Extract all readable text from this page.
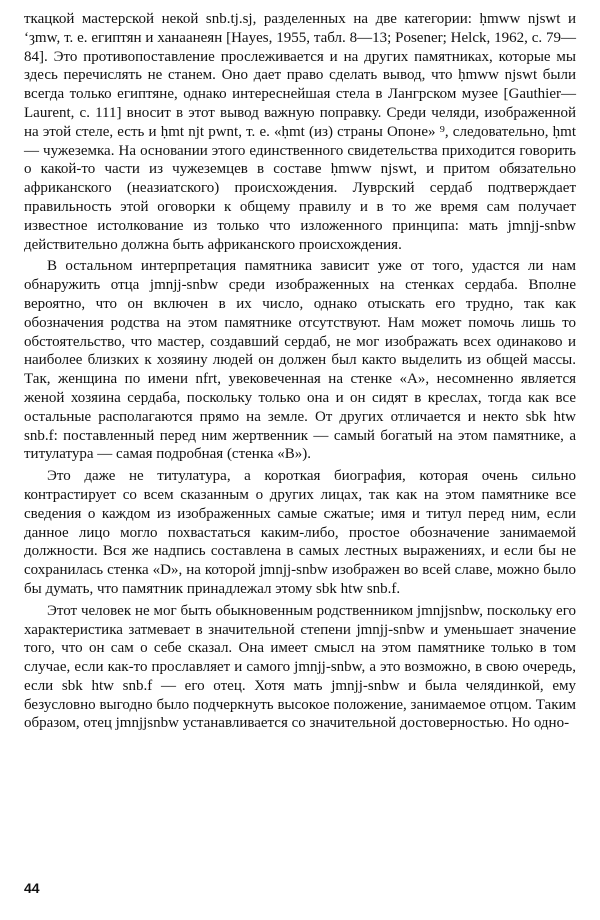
ткацкой мастерской некой snb.tj.sj, разделенных на две категории: ḥmww njswt и ‘ȝmw, т. е. египтян и ханаанеян [Hayes, 1955, табл. 8—13; Posener; Helck, 1962, с. 79—84]. Это противопоставление прослеживается и на других памятниках, которые мы здесь перечислять не станем. Оно дает право сделать вывод, что ḥmww njswt были всегда только египтяне, однако интереснейшая стела в Лангрском музее [Gauthier—Laurent, с. 111] вносит в этот вывод важную поправку. Среди челяди, изображенной на этой стеле, есть и ḥmt njt pwnt, т. е. «ḥmt (из) страны Опоне» ⁹, следовательно, ḥmt — чужеземка. На основании этого единственного свидетельства приходится говорить о какой-то части из чужеземцев в составе ḥmww njswt, и притом обязательно африканского (неазиатского) происхождения. Луврский сердаб подтверждает правильность этой оговорки к общему правилу и в то же время сам получает известное истолкование из только что изложенного принципа: мать jmnjj-snbw действительно должна быть африканского происхождения.

В остальном интерпретация памятника зависит уже от того, удастся ли нам обнаружить отца jmnjj-snbw среди изображенных на стенках сердаба. Вполне вероятно, что он включен в их число, однако отыскать его трудно, так как обозначения родства на этом памятнике отсутствуют. Нам может помочь лишь то обстоятельство, что мастер, создавший сердаб, не мог изображать всех одинаково и наиболее близких к хозяину людей он должен был както выделить из общей массы. Так, женщина по имени nfrt, увековеченная на стенке «А», несомненно является женой хозяина сердаба, поскольку только она и он сидят в креслах, тогда как все остальные располагаются прямо на земле. От других отличается и некто sbk htw snb.f: поставленный перед ним жертвенник — самый богатый на этом памятнике, а титулатура — самая подробная (стенка «В»).

Это даже не титулатура, а короткая биография, которая очень сильно контрастирует со всем сказанным о других лицах, так как на этом памятнике все сведения о каждом из изображенных самые сжатые; имя и титул перед ним, если данное лицо могло похвастаться каким-либо, простое обозначение занимаемой должности. Вся же надпись составлена в самых лестных выражениях, и если бы не сохранилась стенка «D», на которой jmnjj-snbw изображен во всей славе, можно было бы думать, что памятник принадлежал этому sbk htw snb.f.

Этот человек не мог быть обыкновенным родственником jmnjjsnbw, поскольку его характеристика затмевает в значительной степени jmnjj-snbw и уменьшает значение того, что он сам о себе сказал. Она имеет смысл на этом памятнике только в том случае, если как-то прославляет и самого jmnjj-snbw, а это возможно, в свою очередь, если sbk htw snb.f — его отец. Хотя мать jmnjj-snbw и была челядинкой, ему безусловно выгодно было подчеркнуть высокое положение, занимаемое отцом. Таким образом, отец jmnjjsnbw устанавливается со значительной достоверностью. Но одно-

44
